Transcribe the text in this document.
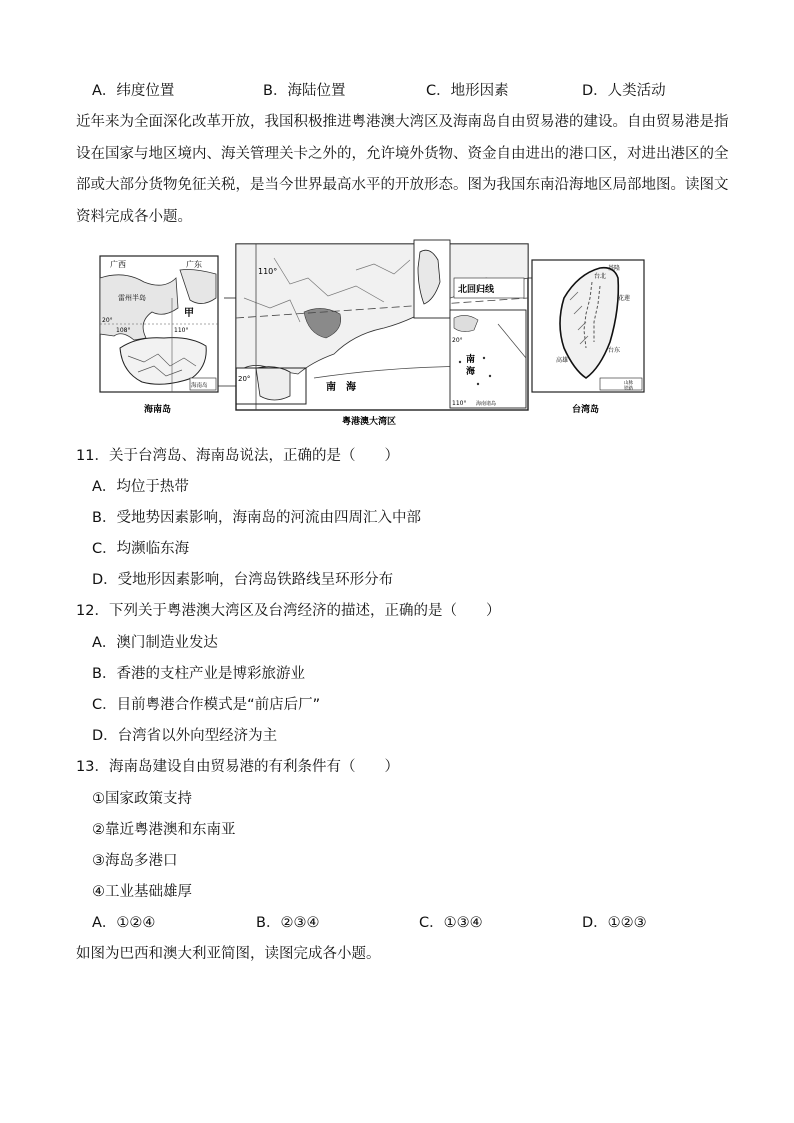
A．纬度位置	B．海陆位置	C．地形因素	D．人类活动
近年来为全面深化改革开放，我国积极推进粤港澳大湾区及海南岛自由贸易港的建设。自由贸易港是指
设在国家与地区境内、海关管理关卡之外的，允许境外货物、资金自由进出的港口区，对进出港区的全
部或大部分货物免征关税，是当今世界最高水平的开放形态。图为我国东南沿海地区局部地图。读图文
资料完成各小题。
广西	广东
雷州半岛
甲
20°
108°	110°
海南岛
海南岛
110°
20°
南　海
北回归线
海南诸岛
110°
20°
南
海
粤港澳大湾区
基隆
花莲
台东
高雄
台北
山脉
铁路
台湾岛
11．关于台湾岛、海南岛说法，正确的是（　　）
A．均位于热带
B．受地势因素影响，海南岛的河流由四周汇入中部
C．均濒临东海
D．受地形因素影响，台湾岛铁路线呈环形分布
12．下列关于粤港澳大湾区及台湾经济的描述，正确的是（　　）
A．澳门制造业发达
B．香港的支柱产业是博彩旅游业
C．目前粤港合作模式是“前店后厂”
D．台湾省以外向型经济为主
13．海南岛建设自由贸易港的有利条件有（　　）
①国家政策支持
②靠近粤港澳和东南亚
③海岛多港口
④工业基础雄厚
A．①②④	B．②③④	C．①③④	D．①②③
如图为巴西和澳大利亚简图，读图完成各小题。
